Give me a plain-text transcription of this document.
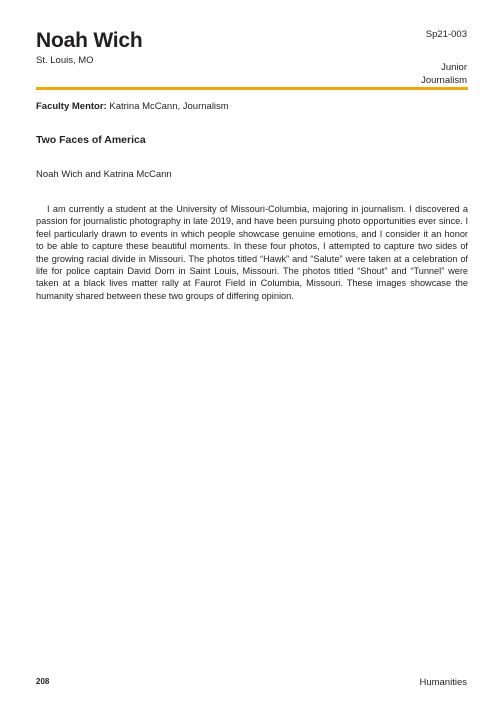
Noah Wich
St. Louis, MO
Sp21-003
Junior
Journalism
Faculty Mentor: Katrina McCann, Journalism
Two Faces of America
Noah Wich and Katrina McCann

I am currently a student at the University of Missouri-Columbia, majoring in journalism. I discovered a passion for journalistic photography in late 2019, and have been pursuing photo opportunities ever since. I feel particularly drawn to events in which people showcase genuine emotions, and I consider it an honor to be able to capture these beautiful moments. In these four photos, I attempted to capture two sides of the growing racial divide in Missouri. The photos titled “Hawk” and “Salute” were taken at a celebration of life for police captain David Dorn in Saint Louis, Missouri. The photos titled “Shout” and “Tunnel” were taken at a black lives matter rally at Faurot Field in Columbia, Missouri. These images showcase the humanity shared between these two groups of differing opinion.

208	Humanities
